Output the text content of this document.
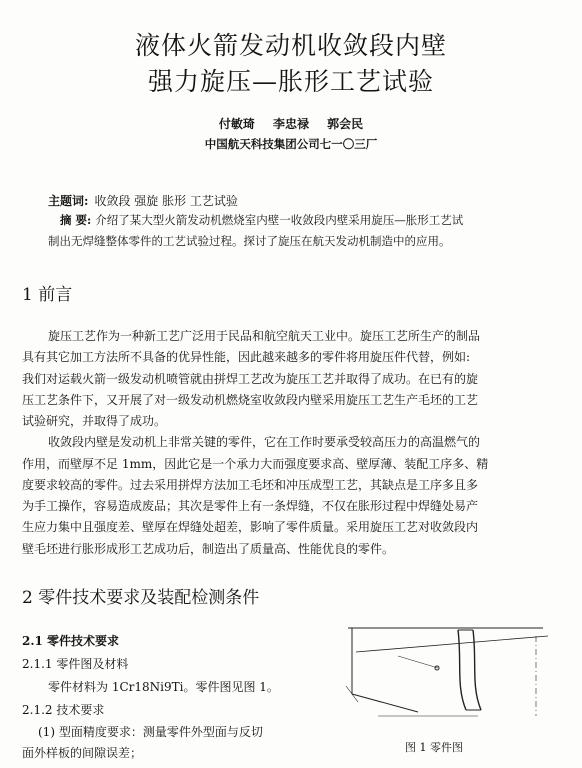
液体火箭发动机收敛段内壁
强力旋压—胀形工艺试验
付敏琦 李忠禄 郭会民
中国航天科技集团公司七一〇三厂
主题词: 收敛段 强旋 胀形 工艺试验
摘 要: 介绍了某大型火箭发动机燃烧室内壁一收敛段内壁采用旋压—胀形工艺试
制出无焊缝整体零件的工艺试验过程。探讨了旋压在航天发动机制造中的应用。
1 前言
旋压工艺作为一种新工艺广泛用于民品和航空航天工业中。旋压工艺所生产的制品
具有其它加工方法所不具备的优异性能，因此越来越多的零件将用旋压件代替，例如:
我们对运载火箭一级发动机喷管就由拼焊工艺改为旋压工艺并取得了成功。在已有的旋
压工艺条件下，又开展了对一级发动机燃烧室收敛段内壁采用旋压工艺生产毛坯的工艺
试验研究，并取得了成功。
收敛段内壁是发动机上非常关键的零件，它在工作时要承受较高压力的高温燃气的
作用，而壁厚不足 1mm，因此它是一个承力大而强度要求高、壁厚薄、装配工序多、精
度要求较高的零件。过去采用拼焊方法加工毛坯和冲压成型工艺，其缺点是工序多且多
为手工操作，容易造成废品；其次是零件上有一条焊缝，不仅在胀形过程中焊缝处易产
生应力集中且强度差、壁厚在焊缝处超差，影响了零件质量。采用旋压工艺对收敛段内
壁毛坯进行胀形成形工艺成功后，制造出了质量高、性能优良的零件。
2 零件技术要求及装配检测条件
2.1 零件技术要求
2.1.1 零件图及材料
零件材料为 1Cr18Ni9Ti。零件图见图 1。
2.1.2 技术要求
(1) 型面精度要求：测量零件外型面与反切
面外样板的间隙误差；	图 1 零件图
